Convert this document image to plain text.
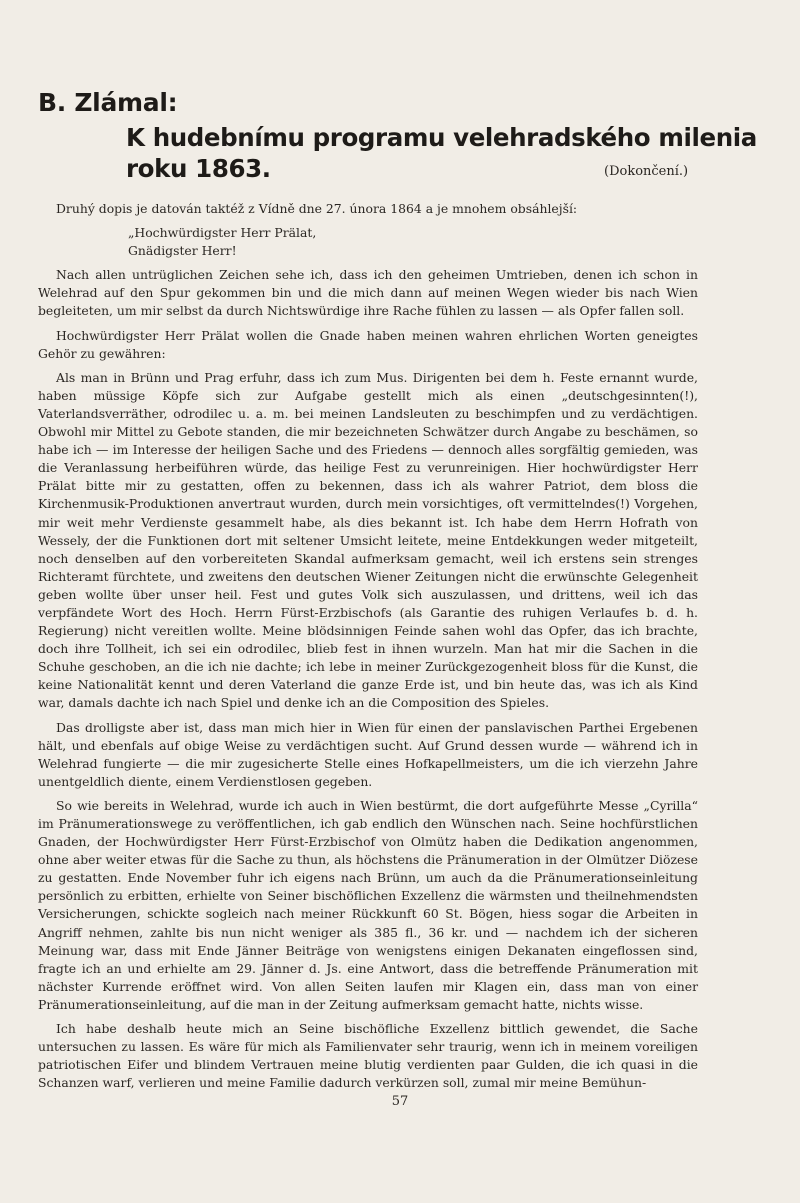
B. Zlámal:
K hudebnímu programu velehradského milenia
roku 1863.	(Dokončení.)

Druhý dopis je datován taktéž z Vídně dne 27. února 1864 a je mnohem obsáhlejší:

„Hochwürdigster Herr Prälat,

Gnädigster Herr!

Nach allen untrüglichen Zeichen sehe ich, dass ich den geheimen Umtrieben, denen ich schon in Welehrad auf den Spur gekommen bin und die mich dann auf meinen Wegen wieder bis nach Wien begleiteten, um mir selbst da durch Nichtswürdige ihre Rache fühlen zu lassen — als Opfer fallen soll.

Hochwürdigster Herr Prälat wollen die Gnade haben meinen wahren ehrlichen Worten geneigtes Gehör zu gewähren:

Als man in Brünn und Prag erfuhr, dass ich zum Mus. Dirigenten bei dem h. Feste ernannt wurde, haben müssige Köpfe sich zur Aufgabe gestellt mich als einen „deutschgesinnten(!), Vaterlandsverräther, odrodilec u. a. m. bei meinen Landsleuten zu beschimpfen und zu verdächtigen. Obwohl mir Mittel zu Gebote standen, die mir bezeichneten Schwätzer durch Angabe zu beschämen, so habe ich — im Interesse der heiligen Sache und des Friedens — dennoch alles sorgfältig gemieden, was die Veranlassung herbeiführen würde, das heilige Fest zu verunreinigen. Hier hochwürdigster Herr Prälat bitte mir zu gestatten, offen zu bekennen, dass ich als wahrer Patriot, dem bloss die Kirchenmusik-Produktionen anvertraut wurden, durch mein vorsichtiges, oft vermittelndes(!) Vorgehen, mir weit mehr Verdienste gesammelt habe, als dies bekannt ist. Ich habe dem Herrn Hofrath von Wessely, der die Funktionen dort mit seltener Umsicht leitete, meine Entdekkungen weder mitgeteilt, noch denselben auf den vorbereiteten Skandal aufmerksam gemacht, weil ich erstens sein strenges Richteramt fürchtete, und zweitens den deutschen Wiener Zeitungen nicht die erwünschte Gelegenheit geben wollte über unser heil. Fest und gutes Volk sich auszulassen, und drittens, weil ich das verpfändete Wort des Hoch. Herrn Fürst-Erzbischofs (als Garantie des ruhigen Verlaufes b. d. h. Regierung) nicht vereitlen wollte. Meine blödsinnigen Feinde sahen wohl das Opfer, das ich brachte, doch ihre Tollheit, ich sei ein odrodilec, blieb fest in ihnen wurzeln. Man hat mir die Sachen in die Schuhe geschoben, an die ich nie dachte; ich lebe in meiner Zurückgezogenheit bloss für die Kunst, die keine Nationalität kennt und deren Vaterland die ganze Erde ist, und bin heute das, was ich als Kind war, damals dachte ich nach Spiel und denke ich an die Composition des Spieles.

Das drolligste aber ist, dass man mich hier in Wien für einen der panslavischen Parthei Ergebenen hält, und ebenfals auf obige Weise zu verdächtigen sucht. Auf Grund dessen wurde — während ich in Welehrad fungierte — die mir zugesicherte Stelle eines Hofkapellmeisters, um die ich vierzehn Jahre unentgeldlich diente, einem Verdienstlosen gegeben.

So wie bereits in Welehrad, wurde ich auch in Wien bestürmt, die dort aufgeführte Messe „Cyrilla“ im Pränumerationswege zu veröffentlichen, ich gab endlich den Wünschen nach. Seine hochfürstlichen Gnaden, der Hochwürdigster Herr Fürst-Erzbischof von Olmütz haben die Dedikation angenommen, ohne aber weiter etwas für die Sache zu thun, als höchstens die Pränumeration in der Olmützer Diözese zu gestatten. Ende November fuhr ich eigens nach Brünn, um auch da die Pränumerationseinleitung persönlich zu erbitten, erhielte von Seiner bischöflichen Exzellenz die wärmsten und theilnehmendsten Versicherungen, schickte sogleich nach meiner Rückkunft 60 St. Bögen, hiess sogar die Arbeiten in Angriff nehmen, zahlte bis nun nicht weniger als 385 fl., 36 kr. und — nachdem ich der sicheren Meinung war, dass mit Ende Jänner Beiträge von wenigstens einigen Dekanaten eingeflossen sind, fragte ich an und erhielte am 29. Jänner d. Js. eine Antwort, dass die betreffende Pränumeration mit nächster Kurrende eröffnet wird. Von allen Seiten laufen mir Klagen ein, dass man von einer Pränumerationseinleitung, auf die man in der Zeitung aufmerksam gemacht hatte, nichts wisse.

Ich habe deshalb heute mich an Seine bischöfliche Exzellenz bittlich gewendet, die Sache untersuchen zu lassen. Es wäre für mich als Familienvater sehr traurig, wenn ich in meinem voreiligen patriotischen Eifer und blindem Vertrauen meine blutig verdienten paar Gulden, die ich quasi in die Schanzen warf, verlieren und meine Familie dadurch verkürzen soll, zumal mir meine Bemühun-

57
